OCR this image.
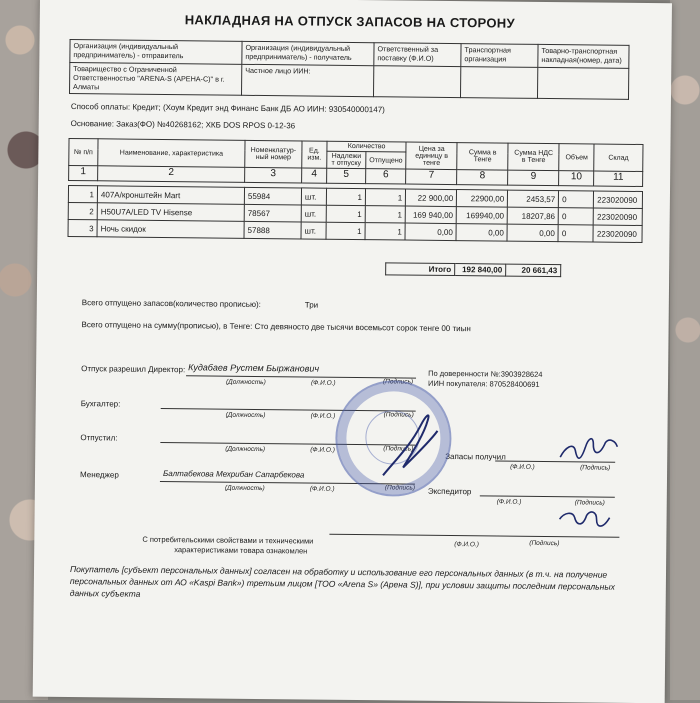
НАКЛАДНАЯ НА ОТПУСК ЗАПАСОВ НА СТОРОНУ
Организация (индивидуальный предприниматель) - отправитель	Организация (индивидуальный предприниматель) - получатель	Ответственный за поставку (Ф.И.О)	Транспортная организация	Товарно-транспортная накладная(номер, дата)
Товарищество с Ограниченной Ответственностью "ARENA-S (АРЕНА-С)" в г. Алматы	Частное лицо ИИН:			
Способ оплаты: Кредит; (Хоум Кредит энд Финанс Банк ДБ АО ИИН: 930540000147)
Основание: Заказ(ФО) №40268162; ХКБ DOS RPOS 0-12-36
№ п/п	Наименование, характеристика	Номенклатур-ный номер	Ед. изм.	Количество		Цена за единицу в тенге	Сумма в Тенге	Сумма НДС в Тенге	Объем	Склад
				Надлежи т отпуску	Отпущено					
1	2	3	4	5	6	7	8	9	10	11

1	407A/кронштейн Mart	55984	шт.	1	1	22 900,00	22900,00	2453,57	0	223020090
2	H50U7A/LED TV Hisense	78567	шт.	1	1	169 940,00	169940,00	18207,86	0	223020090
3	Ночь скидок	57888	шт.	1	1	0,00	0,00	0,00	0	223020090
Итого	192 840,00	20 661,43
Всего отпущено запасов(количество прописью):	Три
Всего отпущено на сумму(прописью), в Тенге: Сто девяносто две тысячи восемьсот сорок тенге 00 тиын
Отпуск разрешил Директор: Кудабаев Рустем Быржанович
(Должность)	(Ф.И.О.)	(Подпись)
По доверенности №:3903928624
ИИН покупателя: 870528400691
Бухгалтер:
(Должность)	(Ф.И.О.)	(Подпись)
Отпустил:
(Должность)	(Ф.И.О.)	(Подпись)
Запасы получил
(Ф.И.О.)	(Подпись)
Менеджер	Балтабекова Мехрибан Сапарбекова
(Должность)	(Ф.И.О.)	(Подпись) Экспедитор
(Ф.И.О.)	(Подпись)
С потребительскими свойствами и техническими
характеристиками товара ознакомлен
(Ф.И.О.)	(Подпись)
Покупатель [субъект персональных данных] согласен на обработку и использование его персональных данных (в т.ч. на получение персональных данных от АО «Kaspi Bank») третьим лицом [ТОО «Arena S» (Арена S)], при условии защиты последним персональных данных субъекта
